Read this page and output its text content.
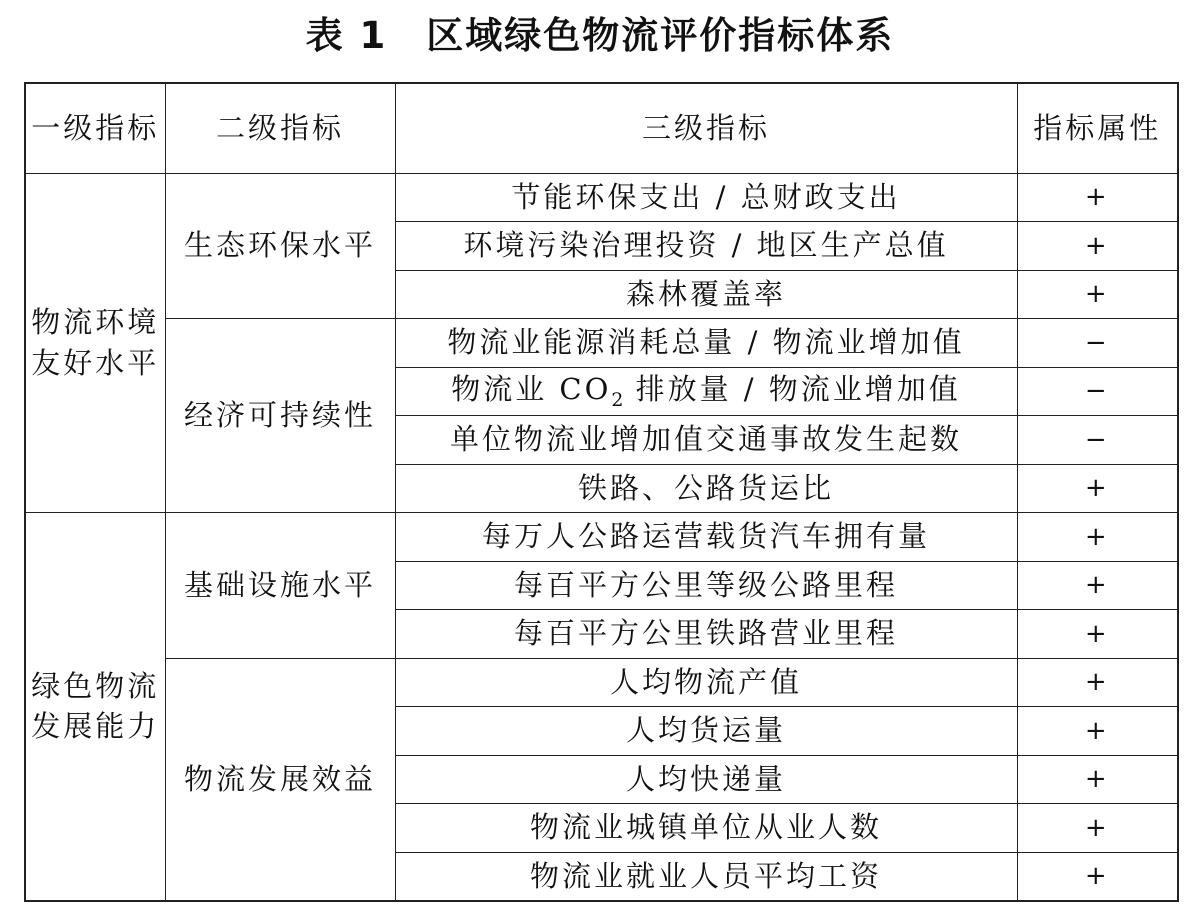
表 1　区域绿色物流评价指标体系
一级指标	二级指标	三级指标	指标属性
物流环境友好水平	生态环保水平	节能环保支出 / 总财政支出	+
		环境污染治理投资 / 地区生产总值	+
		森林覆盖率	+
	经济可持续性	物流业能源消耗总量 / 物流业增加值	−
		物流业 $CO_2$ 排放量 / 物流业增加值	−
		单位物流业增加值交通事故发生起数	−
		铁路、公路货运比	+
绿色物流发展能力	基础设施水平	每万人公路运营载货汽车拥有量	+
		每百平方公里等级公路里程	+
		每百平方公里铁路营业里程	+
	物流发展效益	人均物流产值	+
		人均货运量	+
		人均快递量	+
		物流业城镇单位从业人数	+
		物流业就业人员平均工资	+
